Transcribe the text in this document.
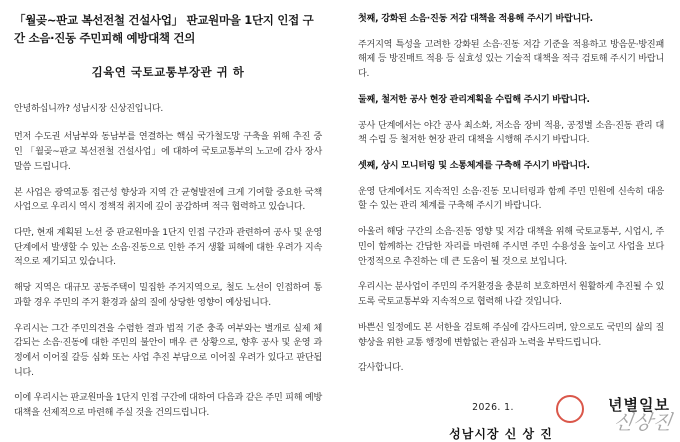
「월곶~판교 복선전철 건설사업」 판교원마을 1단지 인접 구간 소음·진동 주민피해 예방대책 건의
김육연 국토교통부장관 귀 하

안녕하십니까? 성남시장 신상진입니다.

먼저 수도권 서남부와 동남부를 연결하는 핵심 국가철도망 구축을 위해 추진 중인 「월곶~판교 복선전철 건설사업」에 대하여 국토교통부의 노고에 감사 장사 말씀 드립니다.

본 사업은 광역교통 접근성 향상과 지역 간 균형발전에 크게 기여할 중요한 국책사업으로 우리시 역시 정책적 취지에 깊이 공감하며 적극 협력하고 있습니다.

다만, 현재 계획된 노선 중 판교원마을 1단지 인접 구간과 관련하여 공사 및 운영 단계에서 발생할 수 있는 소음·진동으로 인한 주거 생활 피해에 대한 우려가 지속적으로 제기되고 있습니다.

해당 지역은 대규모 공동주택이 밀집한 주거지역으로, 철도 노선이 인접하여 통과할 경우 주민의 주거 환경과 삶의 질에 상당한 영향이 예상됩니다.

우리시는 그간 주민의견을 수렴한 결과 법적 기준 충족 여부와는 별개로 실제 체감되는 소음·진동에 대한 주민의 불안이 매우 큰 상황으로, 향후 공사 및 운영 과정에서 이어질 갈등 심화 또는 사업 추진 부담으로 이어질 우려가 있다고 판단됩니다.

이에 우리시는 판교원마을 1단지 인접 구간에 대하여 다음과 같은 주민 피해 예방대책을 선제적으로 마련해 주실 것을 건의드립니다.

첫째, 강화된 소음·진동 저감 대책을 적용해 주시기 바랍니다.

주거지역 특성을 고려한 강화된 소음·진동 저감 기준을 적용하고 방음문·방진패 해제 등 방진매트 적용 등 실효성 있는 기술적 대책을 적극 검토해 주시기 바랍니다.

둘째, 철저한 공사 현장 관리계획을 수립해 주시기 바랍니다.

공사 단계에서는 야간 공사 최소화, 저소음 장비 적용, 공정별 소음·진동 관리 대책 수립 등 철저한 현장 관리 대책을 시행해 주시기 바랍니다.

셋째, 상시 모니터링 및 소통체계를 구축해 주시기 바랍니다.

운영 단계에서도 지속적인 소음·진동 모니터링과 함께 주민 민원에 신속히 대응할 수 있는 관리 체계를 구축해 주시기 바랍니다.

아울러 해당 구간의 소음·진동 영향 및 저감 대책을 위해 국토교통부, 시업시, 주민이 함께하는 간담한 자리를 마련해 주시면 주민 수용성을 높이고 사업을 보다 안정적으로 추진하는 데 큰 도움이 될 것으로 보입니다.

우리시는 분사업이 주민의 주거환경을 충분히 보호하면서 원활하게 추진될 수 있도록 국토교통부와 지속적으로 협력해 나갈 것입니다.

바쁜신 일정에도 본 서한을 검토해 주심에 감사드리며, 앞으로도 국민의 삶의 질 향상을 위한 교통 행정에 변함없는 관심과 노력을 부탁드립니다.

감사합니다.

2026. 1.
성남시장 신 상 진
년별일보
신상진
